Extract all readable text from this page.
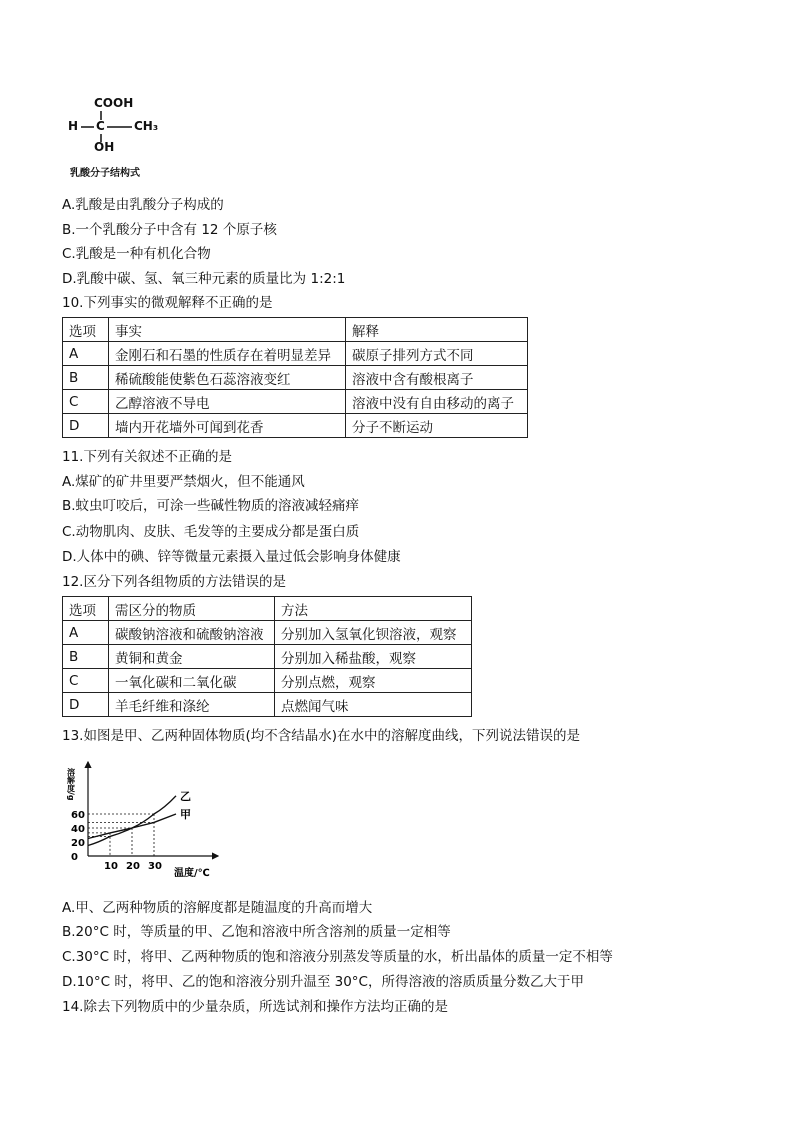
COOH
H C CH₃
OH
乳酸分子结构式
A.乳酸是由乳酸分子构成的
B.一个乳酸分子中含有 12 个原子核
C.乳酸是一种有机化合物
D.乳酸中碳、氢、氧三种元素的质量比为 1:2:1
10.下列事实的微观解释不正确的是
选项	事实	解释
A	金刚石和石墨的性质存在着明显差异	碳原子排列方式不同
B	稀硫酸能使紫色石蕊溶液变红	溶液中含有酸根离子
C	乙醇溶液不导电	溶液中没有自由移动的离子
D	墙内开花墙外可闻到花香	分子不断运动
11.下列有关叙述不正确的是
A.煤矿的矿井里要严禁烟火，但不能通风
B.蚊虫叮咬后，可涂一些碱性物质的溶液减轻痛痒
C.动物肌肉、皮肤、毛发等的主要成分都是蛋白质
D.人体中的碘、锌等微量元素摄入量过低会影响身体健康
12.区分下列各组物质的方法错误的是
选项	需区分的物质	方法
A	碳酸钠溶液和硫酸钠溶液	分别加入氢氧化钡溶液，观察
B	黄铜和黄金	分别加入稀盐酸，观察
C	一氧化碳和二氧化碳	分别点燃，观察
D	羊毛纤维和涤纶	点燃闻气味
13.如图是甲、乙两种固体物质(均不含结晶水)在水中的溶解度曲线，下列说法错误的是
溶解度/g
60
40
20
0
10 20 30
乙
甲
温度/℃
A.甲、乙两种物质的溶解度都是随温度的升高而增大
B.20°C 时，等质量的甲、乙饱和溶液中所含溶剂的质量一定相等
C.30°C 时，将甲、乙两种物质的饱和溶液分别蒸发等质量的水，析出晶体的质量一定不相等
D.10°C 时，将甲、乙的饱和溶液分别升温至 30°C，所得溶液的溶质质量分数乙大于甲
14.除去下列物质中的少量杂质，所选试剂和操作方法均正确的是
